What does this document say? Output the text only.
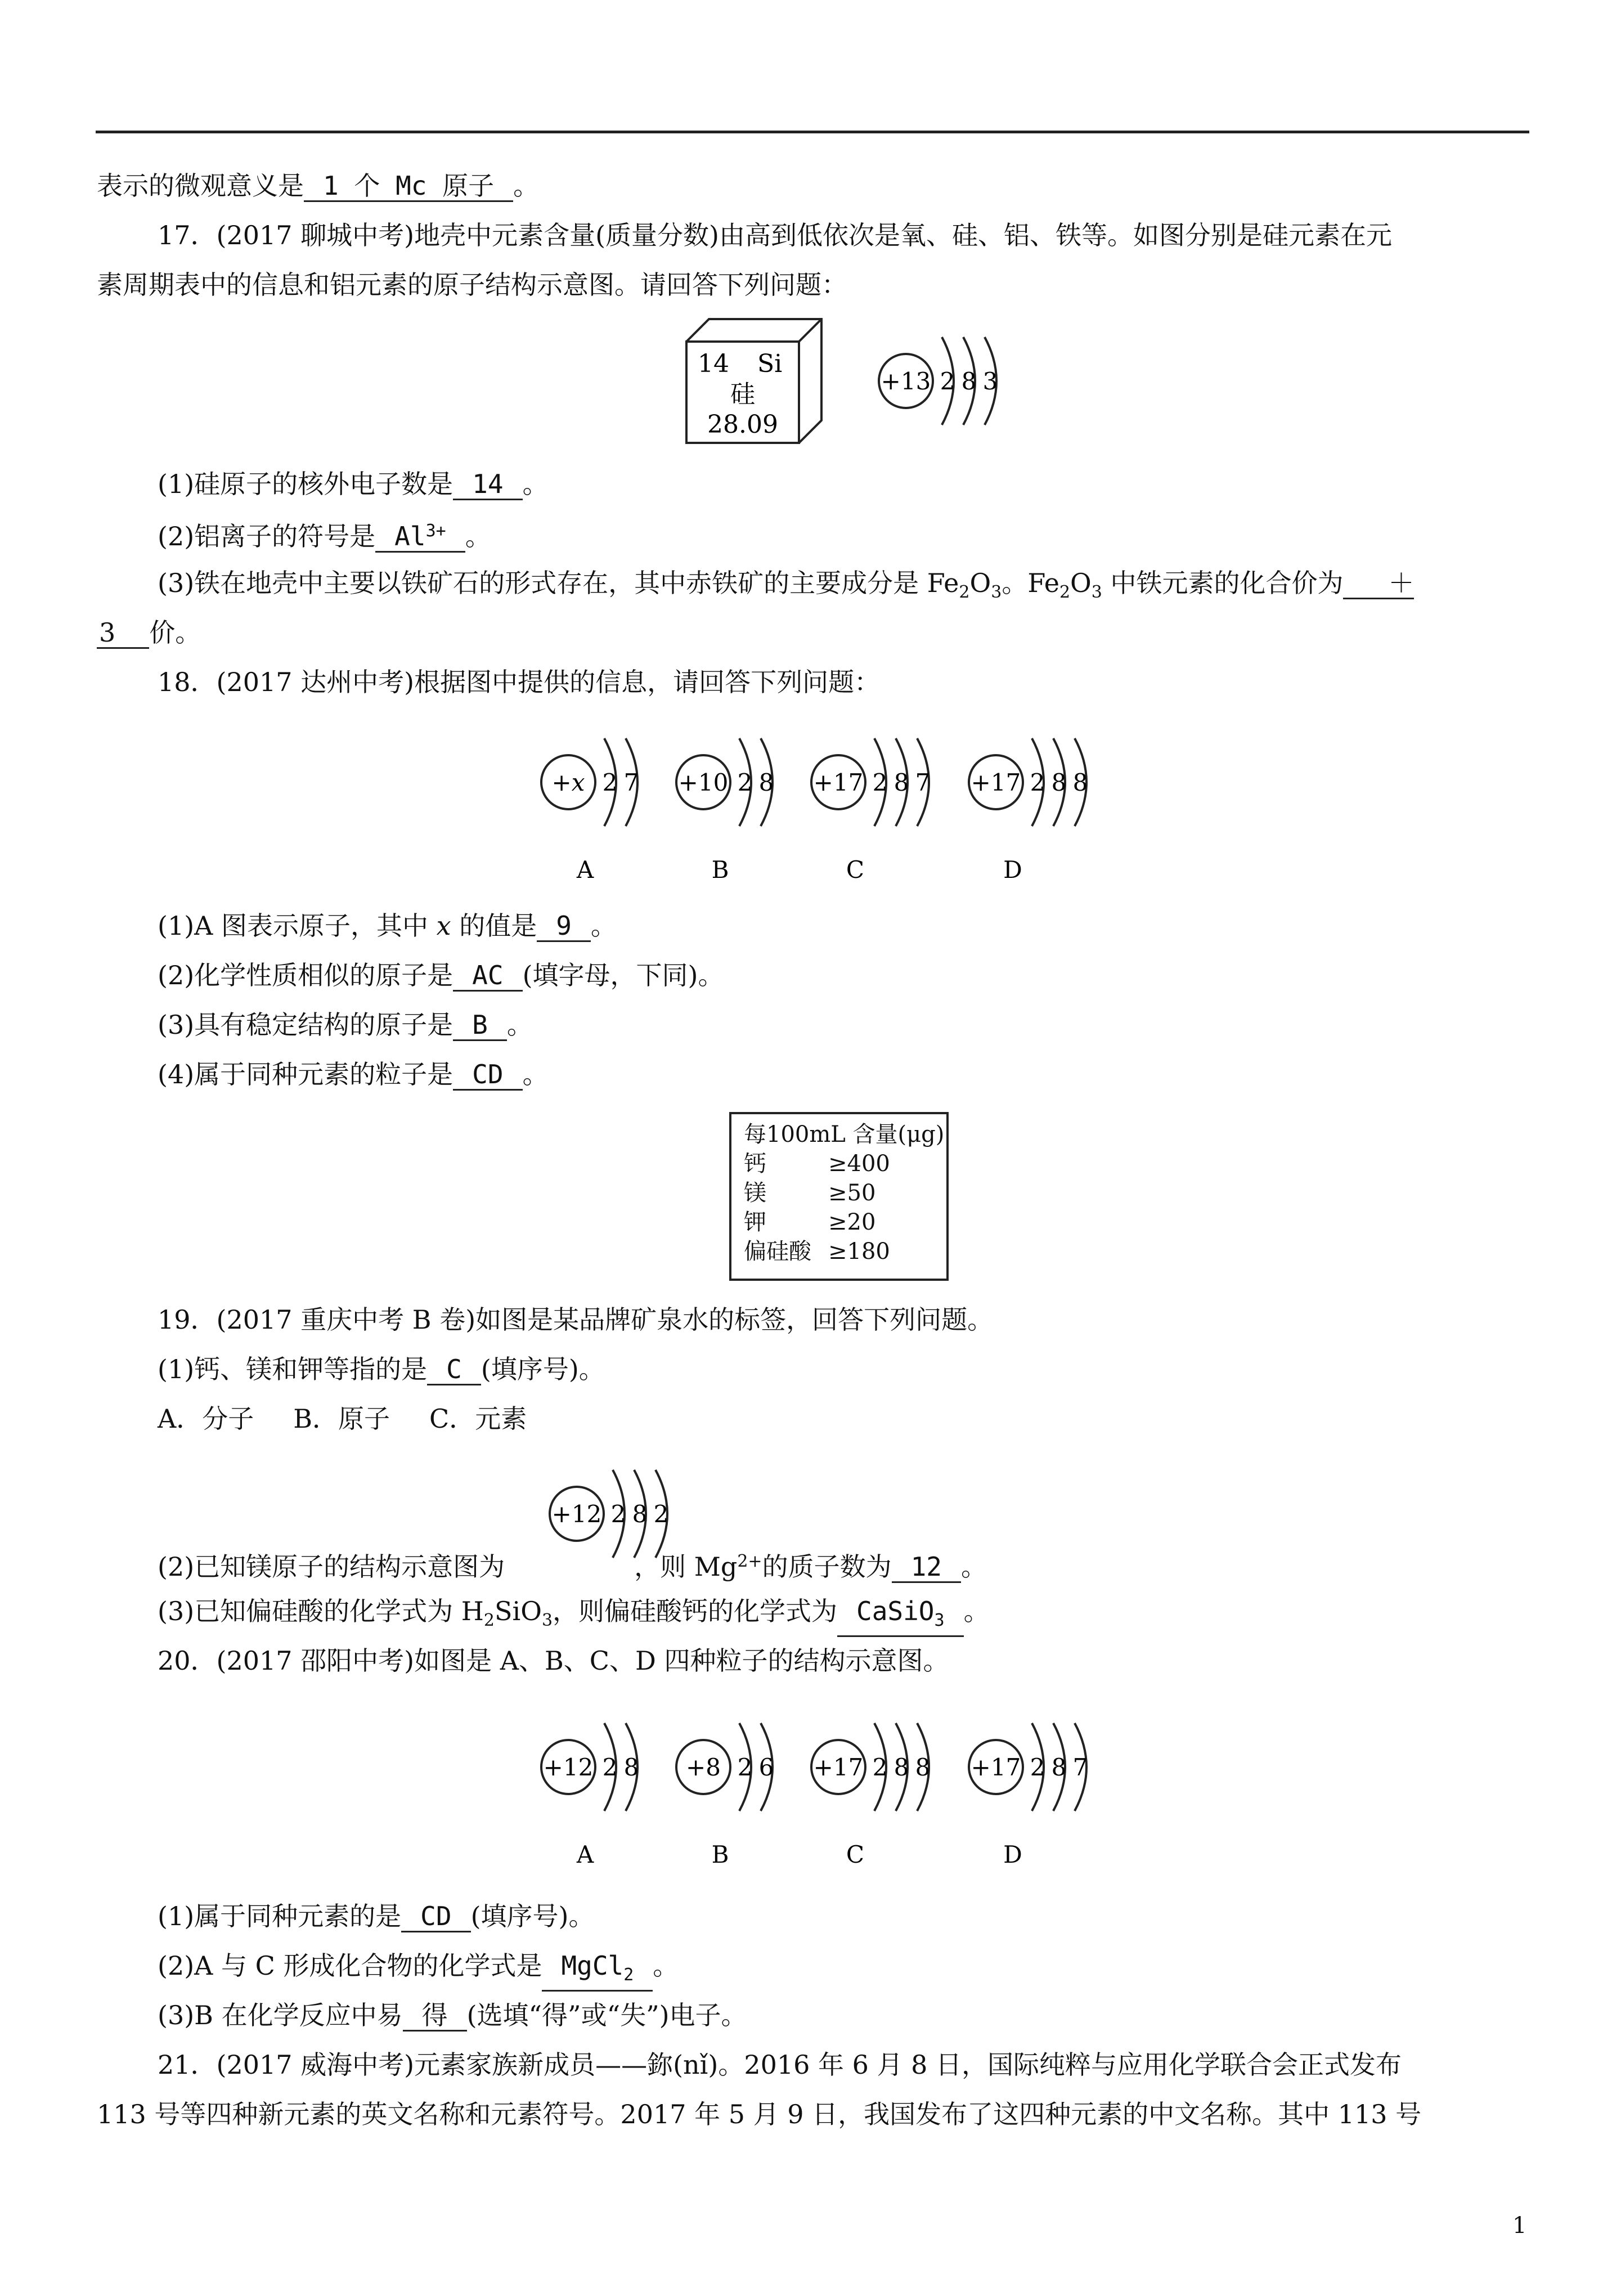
表示的微观意义是 1 个 Mc 原子 。
17．(2017 聊城中考)地壳中元素含量(质量分数)由高到低依次是氧、硅、铝、铁等。如图分别是硅元素在元
素周期表中的信息和铝元素的原子结构示意图。请回答下列问题：
14 Si
硅
28.09
+13 2 8 3
(1)硅原子的核外电子数是 14 。
(2)铝离子的符号是 $Al^{3+}$ 。
(3)铁在地壳中主要以铁矿石的形式存在，其中赤铁矿的主要成分是 $Fe_2O_3$。$Fe_2O_3$ 中铁元素的化合价为 ＋
3 价。
18．(2017 达州中考)根据图中提供的信息，请回答下列问题：
+x 2 7
A
+10 2 8
B
+17 2 8 7
C
+17 2 8 8
D
(1)A 图表示原子，其中 x 的值是 9 。
(2)化学性质相似的原子是 AC (填字母，下同)。
(3)具有稳定结构的原子是 B 。
(4)属于同种元素的粒子是 CD 。
每100mL 含量(μg)
钙	≥400
镁	≥50
钾	≥20
偏硅酸 ≥180
19．(2017 重庆中考 B 卷)如图是某品牌矿泉水的标签，回答下列问题。
(1)钙、镁和钾等指的是 C (填序号)。
A．分子 B．原子 C．元素
+12 2 8 2
(2)已知镁原子的结构示意图为	，则 $Mg^{2+}$的质子数为 12 。
(3)已知偏硅酸的化学式为 $H_2SiO_3$，则偏硅酸钙的化学式为 CaSiO$_3$ 。
20．(2017 邵阳中考)如图是 A、B、C、D 四种粒子的结构示意图。
+12 2 8
A
+8 2 6
B
+17 2 8 8
C
+17 2 8 7
D
(1)属于同种元素的是 CD (填序号)。
(2)A 与 C 形成化合物的化学式是 MgCl$_2$ 。
(3)B 在化学反应中易 得 (选填“得”或“失”)电子。
21．(2017 威海中考)元素家族新成员——鉨(nǐ)。2016 年 6 月 8 日，国际纯粹与应用化学联合会正式发布
113 号等四种新元素的英文名称和元素符号。2017 年 5 月 9 日，我国发布了这四种元素的中文名称。其中 113 号
1
